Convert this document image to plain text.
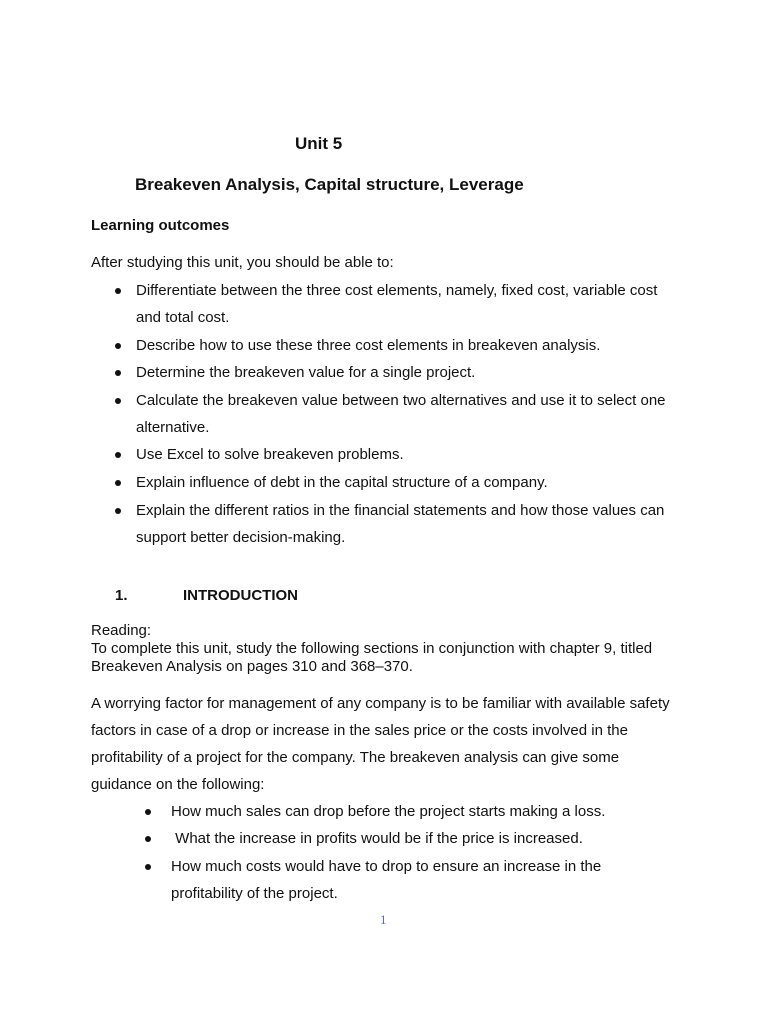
Unit 5
Breakeven Analysis, Capital structure, Leverage
Learning outcomes
After studying this unit, you should be able to:
Differentiate between the three cost elements, namely, fixed cost, variable cost and total cost.
Describe how to use these three cost elements in breakeven analysis.
Determine the breakeven value for a single project.
Calculate the breakeven value between two alternatives and use it to select one alternative.
Use Excel to solve breakeven problems.
Explain influence of debt in the capital structure of a company.
Explain the different ratios in the financial statements and how those values can support better decision-making.
1.	INTRODUCTION
Reading:
To complete this unit, study the following sections in conjunction with chapter 9, titled Breakeven Analysis on pages 310 and 368–370.
A worrying factor for management of any company is to be familiar with available safety factors in case of a drop or increase in the sales price or the costs involved in the profitability of a project for the company. The breakeven analysis can give some guidance on the following:
How much sales can drop before the project starts making a loss.
What the increase in profits would be if the price is increased.
How much costs would have to drop to ensure an increase in the profitability of the project.
1
